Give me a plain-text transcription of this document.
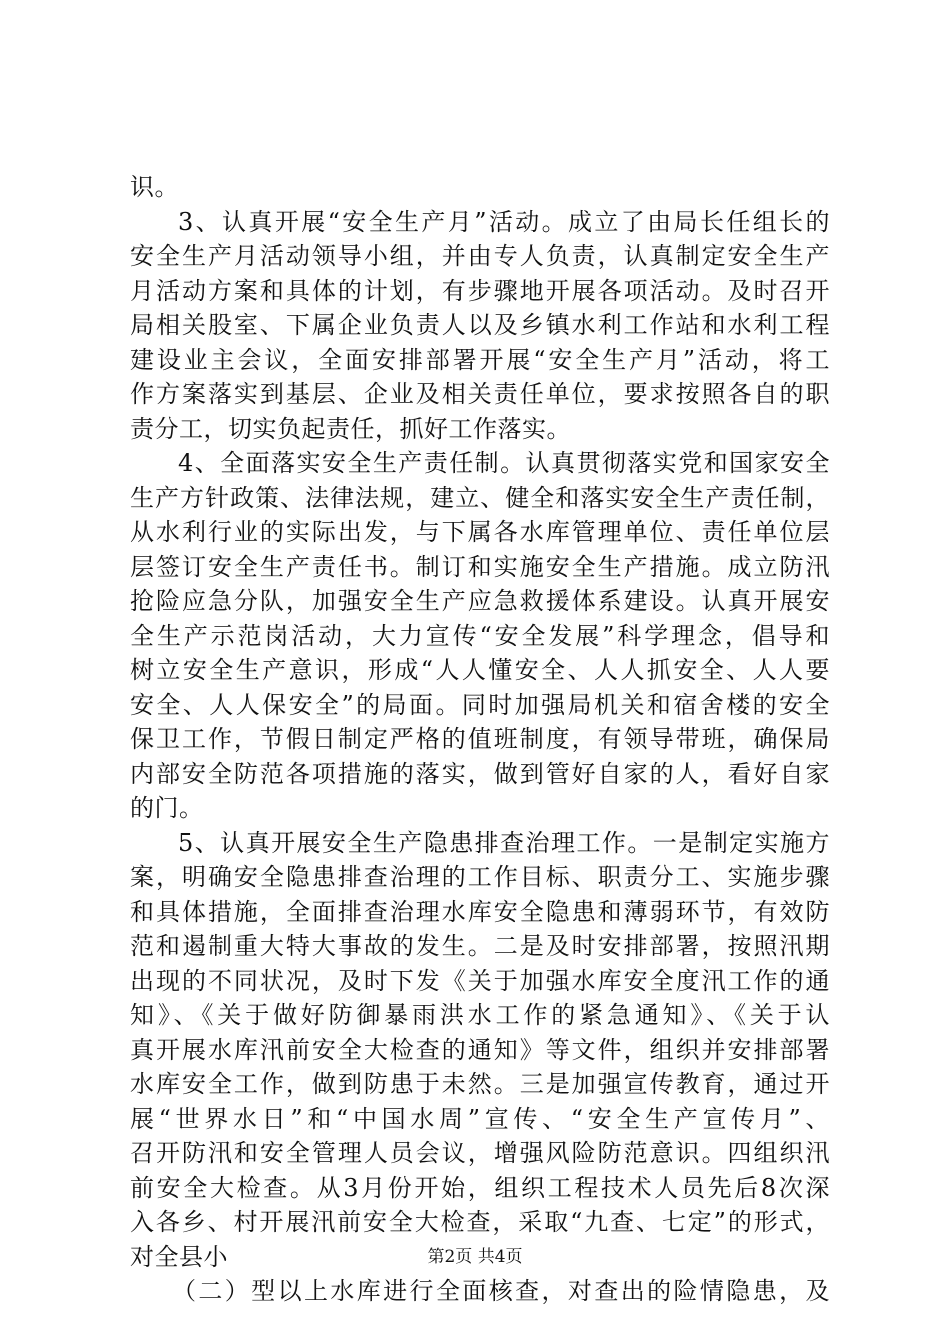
识。
3、认真开展“安全生产月”活动。成立了由局长任组长的
安全生产月活动领导小组，并由专人负责，认真制定安全生产
月活动方案和具体的计划，有步骤地开展各项活动。及时召开
局相关股室、下属企业负责人以及乡镇水利工作站和水利工程
建设业主会议，全面安排部署开展“安全生产月”活动，将工
作方案落实到基层、企业及相关责任单位，要求按照各自的职
责分工，切实负起责任，抓好工作落实。
4、全面落实安全生产责任制。认真贯彻落实党和国家安全
生产方针政策、法律法规，建立、健全和落实安全生产责任制，
从水利行业的实际出发，与下属各水库管理单位、责任单位层
层签订安全生产责任书。制订和实施安全生产措施。成立防汛
抢险应急分队，加强安全生产应急救援体系建设。认真开展安
全生产示范岗活动，大力宣传“安全发展”科学理念，倡导和
树立安全生产意识，形成“人人懂安全、人人抓安全、人人要
安全、人人保安全”的局面。同时加强局机关和宿舍楼的安全
保卫工作，节假日制定严格的值班制度，有领导带班，确保局
内部安全防范各项措施的落实，做到管好自家的人，看好自家
的门。
5、认真开展安全生产隐患排查治理工作。一是制定实施方
案，明确安全隐患排查治理的工作目标、职责分工、实施步骤
和具体措施，全面排查治理水库安全隐患和薄弱环节，有效防
范和遏制重大特大事故的发生。二是及时安排部署，按照汛期
出现的不同状况，及时下发《关于加强水库安全度汛工作的通
知》、《关于做好防御暴雨洪水工作的紧急通知》、《关于认
真开展水库汛前安全大检查的通知》等文件，组织并安排部署
水库安全工作，做到防患于未然。三是加强宣传教育，通过开
展“世界水日”和“中国水周”宣传、“安全生产宣传月”、
召开防汛和安全管理人员会议，增强风险防范意识。四组织汛
前安全大检查。从3月份开始，组织工程技术人员先后8次深
入各乡、村开展汛前安全大检查，采取“九查、七定”的形式，
对全县小
（二）型以上水库进行全面核查，对查出的险情隐患，及
第2页 共4页
